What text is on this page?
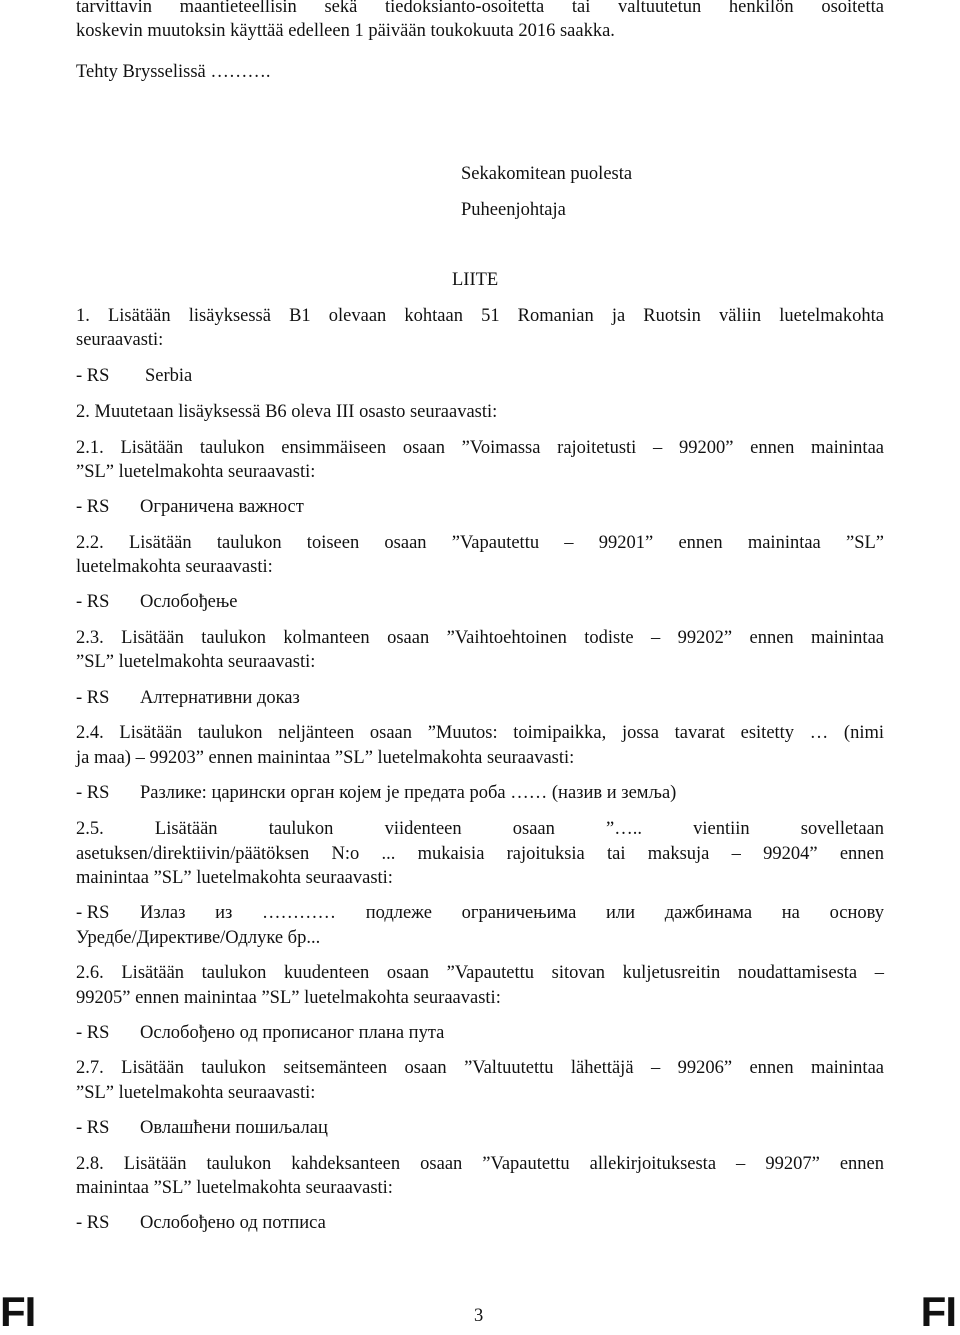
tarvittavin maantieteellisin sekä tiedoksianto-osoitetta tai valtuutetun henkilön osoitetta
koskevin muutoksin käyttää edelleen 1 päivään toukokuuta 2016 saakka.
Tehty Brysselissä ……….
Sekakomitean puolesta
Puheenjohtaja
LIITE
1. Lisätään lisäyksessä B1 olevaan kohtaan 51 Romanian ja Ruotsin väliin luetelmakohta
seuraavasti:
- RS Serbia
2. Muutetaan lisäyksessä B6 oleva III osasto seuraavasti:
2.1. Lisätään taulukon ensimmäiseen osaan ”Voimassa rajoitetusti – 99200” ennen mainintaa
”SL” luetelmakohta seuraavasti:
- RS Ограничена важност
2.2. Lisätään taulukon toiseen osaan ”Vapautettu – 99201” ennen mainintaa ”SL”
luetelmakohta seuraavasti:
- RS Ослобођење
2.3. Lisätään taulukon kolmanteen osaan ”Vaihtoehtoinen todiste – 99202” ennen mainintaa
”SL” luetelmakohta seuraavasti:
- RS Алтернативни доказ
2.4. Lisätään taulukon neljänteen osaan ”Muutos: toimipaikka, jossa tavarat esitetty … (nimi
ja maa) – 99203” ennen mainintaa ”SL” luetelmakohta seuraavasti:
- RS Разлике: царински орган којем је предата роба …… (назив и земља)
2.5. Lisätään taulukon viidenteen osaan ”….. vientiin sovelletaan
asetuksen/direktiivin/päätöksen N:o ... mukaisia rajoituksia tai maksuja – 99204” ennen
mainintaa ”SL” luetelmakohta seuraavasti:
- RS Излаз из ………… подлеже ограничењима или дажбинама на основу
Уредбе/Директиве/Одлуке бр...
2.6. Lisätään taulukon kuudenteen osaan ”Vapautettu sitovan kuljetusreitin noudattamisesta –
99205” ennen mainintaa ”SL” luetelmakohta seuraavasti:
- RS Ослобођено од прописаног плана пута
2.7. Lisätään taulukon seitsemänteen osaan ”Valtuutettu lähettäjä – 99206” ennen mainintaa
”SL” luetelmakohta seuraavasti:
- RS Овлашћени пошиљалац
2.8. Lisätään taulukon kahdeksanteen osaan ”Vapautettu allekirjoituksesta – 99207” ennen
mainintaa ”SL” luetelmakohta seuraavasti:
- RS Ослобођено од потписа
FI	3	FI
